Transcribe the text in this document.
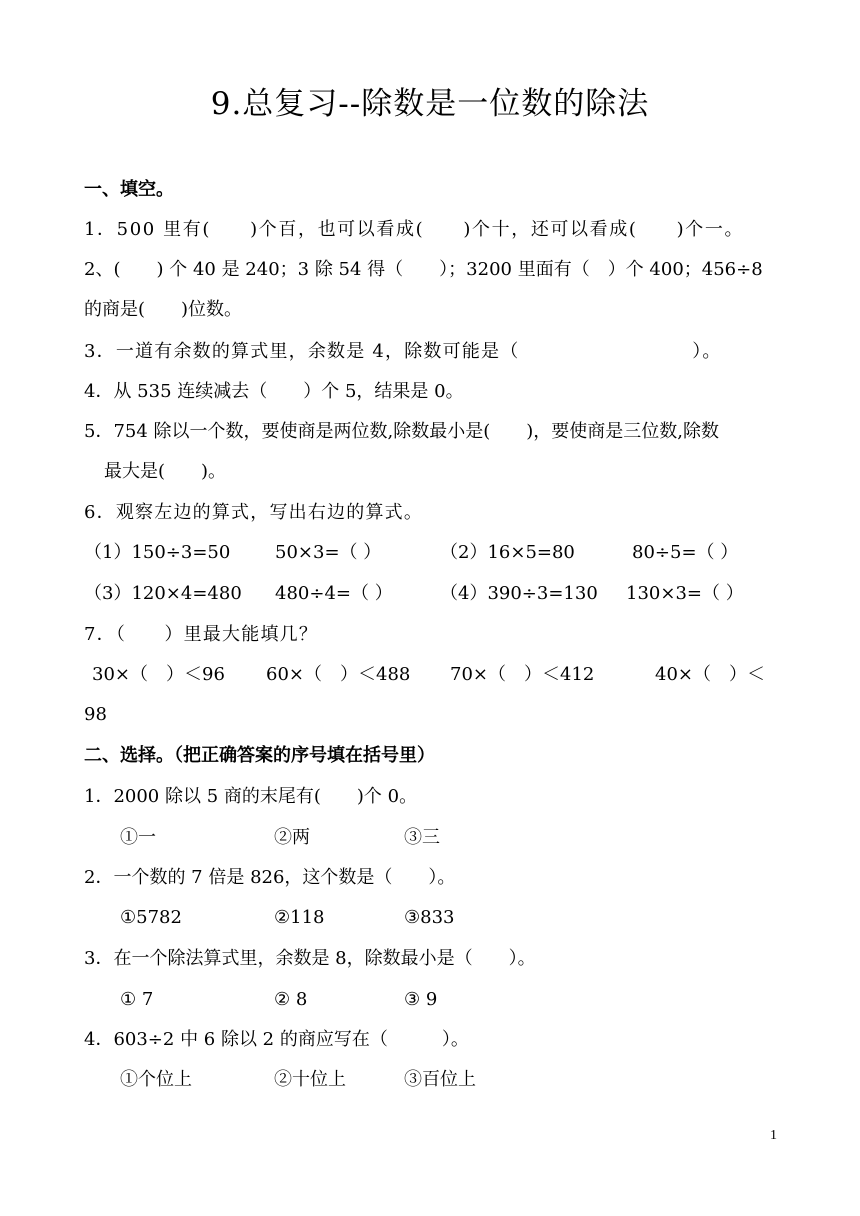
9.总复习--除数是一位数的除法
一、填空。
1．500 里有(　　)个百，也可以看成(　　)个十，还可以看成(　　)个一。
2、(　　) 个 40 是 240；3 除 54 得（　　）；3200 里面有（　）个 400；456÷8
的商是(　　)位数。
3．一道有余数的算式里，余数是 4，除数可能是（　　　　　　　　　）。
4．从 535 连续减去（　　）个 5，结果是 0。
5．754 除以一个数，要使商是两位数,除数最小是(　　)，要使商是三位数,除数
最大是(　　)。
6．观察左边的算式，写出右边的算式。
（1）150÷3=50 50×3=（ ）	（2）16×5=80	80÷5=（ ）
（3）120×4=480 480÷4=（ ）	（4）390÷3=130 130×3=（ ）
7．（　　）里最大能填几？
30×（　）＜96 60×（　）＜488 70×（　）＜412	40×（　）＜
98
二、选择。（把正确答案的序号填在括号里）
1．2000 除以 5 商的末尾有(　　)个 0。
①一	②两	③三
2．一个数的 7 倍是 826，这个数是（　　）。
①5782	②118	③833
3．在一个除法算式里，余数是 8，除数最小是（　　）。
① 7	② 8	③ 9
4．603÷2 中 6 除以 2 的商应写在（　　　）。
①个位上	②十位上	③百位上
1
